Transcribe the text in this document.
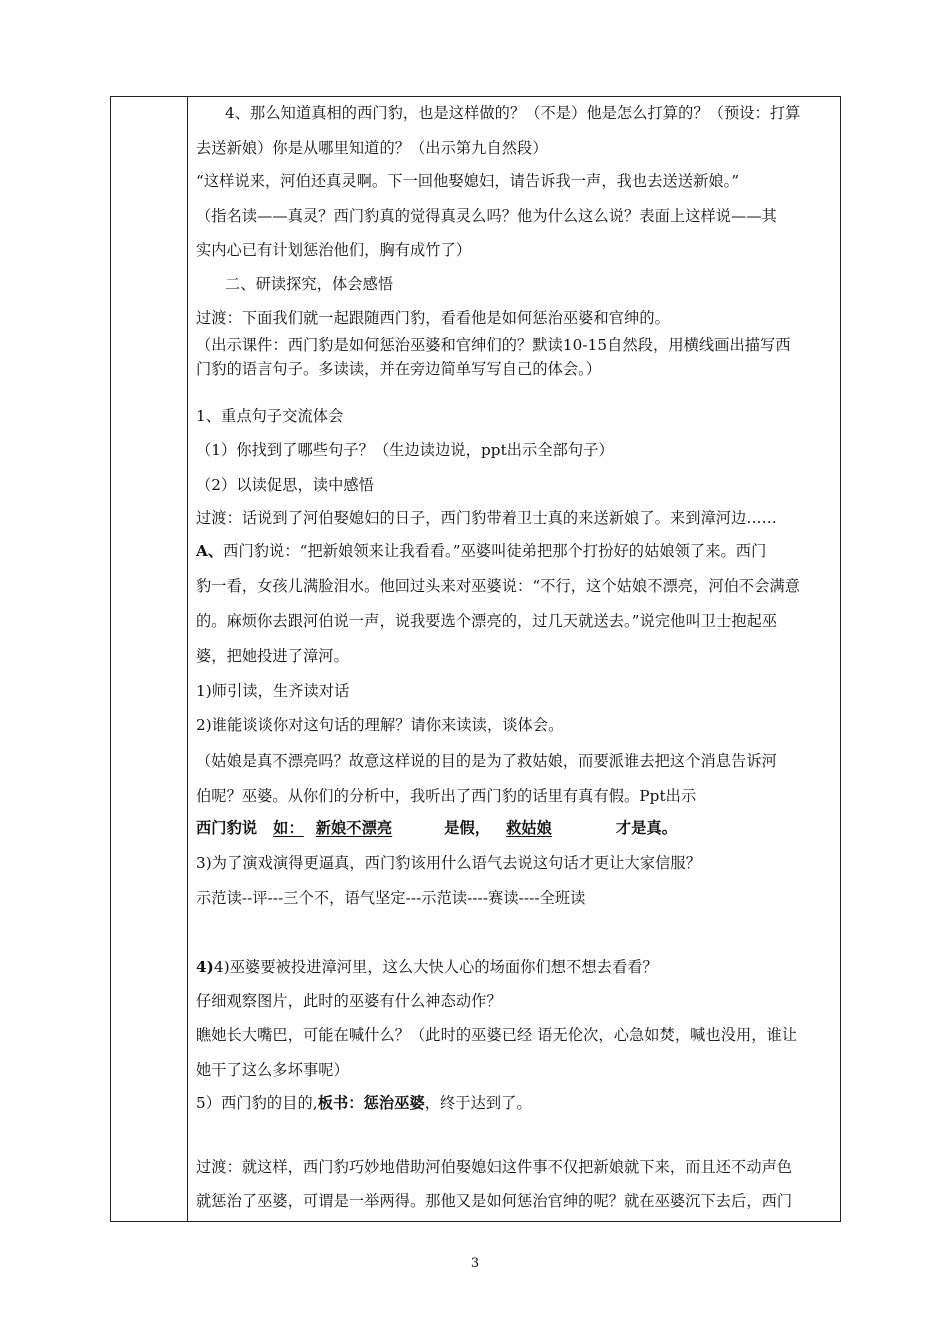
4、那么知道真相的西门豹，也是这样做的？（不是）他是怎么打算的？（预设：打算
去送新娘）你是从哪里知道的？（出示第九自然段）
“这样说来，河伯还真灵啊。下一回他娶媳妇，请告诉我一声，我也去送送新娘。”
（指名读——真灵？西门豹真的觉得真灵么吗？他为什么这么说？表面上这样说——其
实内心已有计划惩治他们，胸有成竹了）
二、研读探究，体会感悟
过渡：下面我们就一起跟随西门豹，看看他是如何惩治巫婆和官绅的。
（出示课件：西门豹是如何惩治巫婆和官绅们的？默读10-15自然段，用横线画出描写西
门豹的语言句子。多读读，并在旁边简单写写自己的体会。）
1、重点句子交流体会
（1）你找到了哪些句子？（生边读边说，ppt出示全部句子）
（2）以读促思，读中感悟
过渡：话说到了河伯娶媳妇的日子，西门豹带着卫士真的来送新娘了。来到漳河边……
A、西门豹说：“把新娘领来让我看看。”巫婆叫徒弟把那个打扮好的姑娘领了来。西门
豹一看，女孩儿满脸泪水。他回过头来对巫婆说：“不行，这个姑娘不漂亮，河伯不会满意
的。麻烦你去跟河伯说一声，说我要选个漂亮的，过几天就送去。”说完他叫卫士抱起巫
婆，把她投进了漳河。
1)师引读，生齐读对话
2)谁能谈谈你对这句话的理解？请你来读读，谈体会。
（姑娘是真不漂亮吗？故意这样说的目的是为了救姑娘，而要派谁去把这个消息告诉河
伯呢？巫婆。从你们的分析中，我听出了西门豹的话里有真有假。Ppt出示
西门豹说 如： 新娘不漂亮	是假， 救姑娘	才是真。
3)为了演戏演得更逼真，西门豹该用什么语气去说这句话才更让大家信服？
示范读--评---三个不，语气坚定---示范读----赛读----全班读
4)4)巫婆要被投进漳河里，这么大快人心的场面你们想不想去看看？
仔细观察图片，此时的巫婆有什么神态动作？
瞧她长大嘴巴，可能在喊什么？（此时的巫婆已经 语无伦次，心急如焚，喊也没用，谁让
她干了这么多坏事呢）
5）西门豹的目的,板书：惩治巫婆，终于达到了。
过渡：就这样，西门豹巧妙地借助河伯娶媳妇这件事不仅把新娘就下来，而且还不动声色
就惩治了巫婆，可谓是一举两得。那他又是如何惩治官绅的呢？就在巫婆沉下去后，西门
3
